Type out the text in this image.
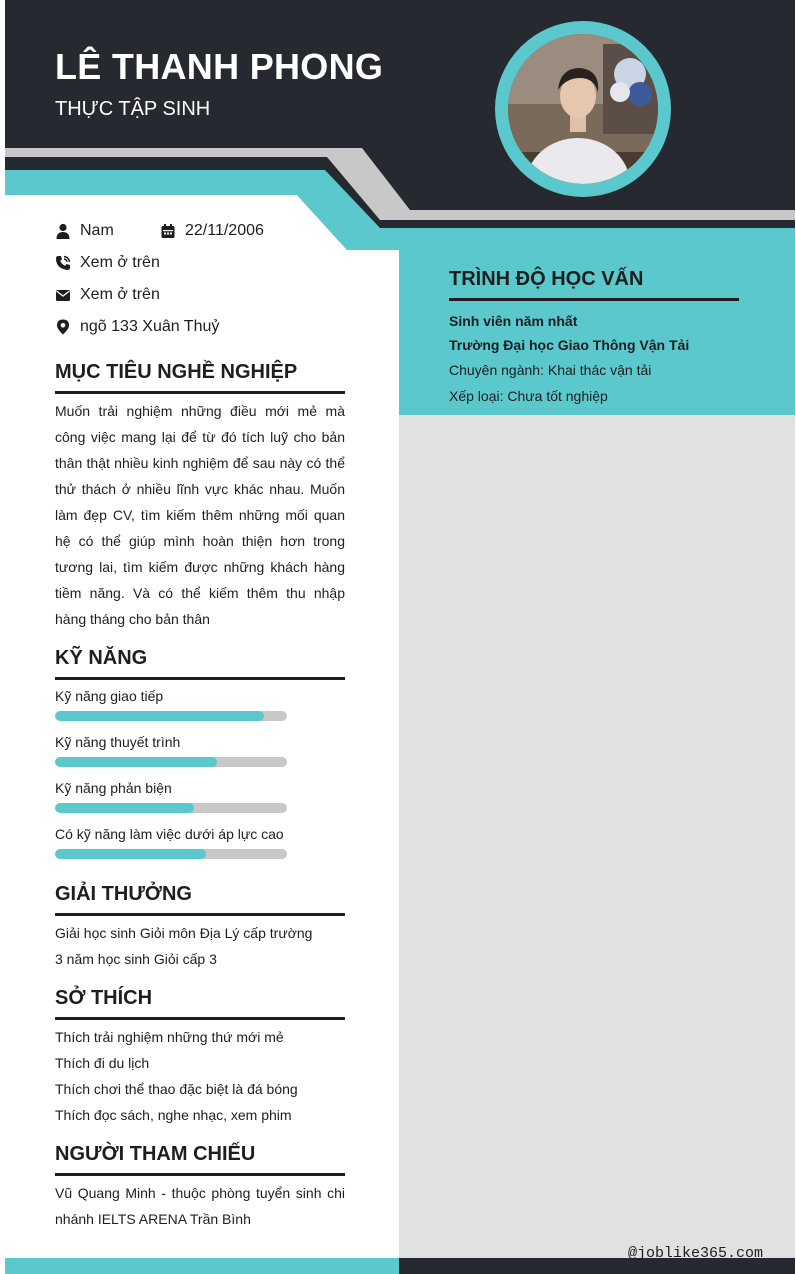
LÊ THANH PHONG
THỰC TẬP SINH
TRÌNH ĐỘ HỌC VẤN
Sinh viên năm nhất
Trường Đại học Giao Thông Vận Tải
Chuyên ngành: Khai thác vận tải
Xếp loại: Chưa tốt nghiệp
Nam	22/11/2006
Xem ở trên
Xem ở trên
ngõ 133 Xuân Thuỷ
MỤC TIÊU NGHỀ NGHIỆP

Muốn trải nghiệm những điều mới mẻ mà công việc mang lại để từ đó tích luỹ cho bản thân thật nhiều kinh nghiệm để sau này có thể thử thách ở nhiều lĩnh vực khác nhau. Muốn làm đẹp CV, tìm kiếm thêm những mối quan hệ có thể giúp mình hoàn thiện hơn trong tương lai, tìm kiếm được những khách hàng tiềm năng. Và có thể kiếm thêm thu nhập hàng tháng cho bản thân

KỸ NĂNG
Kỹ năng giao tiếp
Kỹ năng thuyết trình
Kỹ năng phản biện
Có kỹ năng làm việc dưới áp lực cao
GIẢI THƯỞNG
Giải học sinh Giỏi môn Địa Lý cấp trường
3 năm học sinh Giỏi cấp 3
SỞ THÍCH
Thích trải nghiệm những thứ mới mẻ
Thích đi du lịch
Thích chơi thể thao đặc biệt là đá bóng
Thích đọc sách, nghe nhạc, xem phim
NGƯỜI THAM CHIẾU

Vũ Quang Minh - thuộc phòng tuyển sinh chi nhánh IELTS ARENA Trần Bình

@joblike365.com
